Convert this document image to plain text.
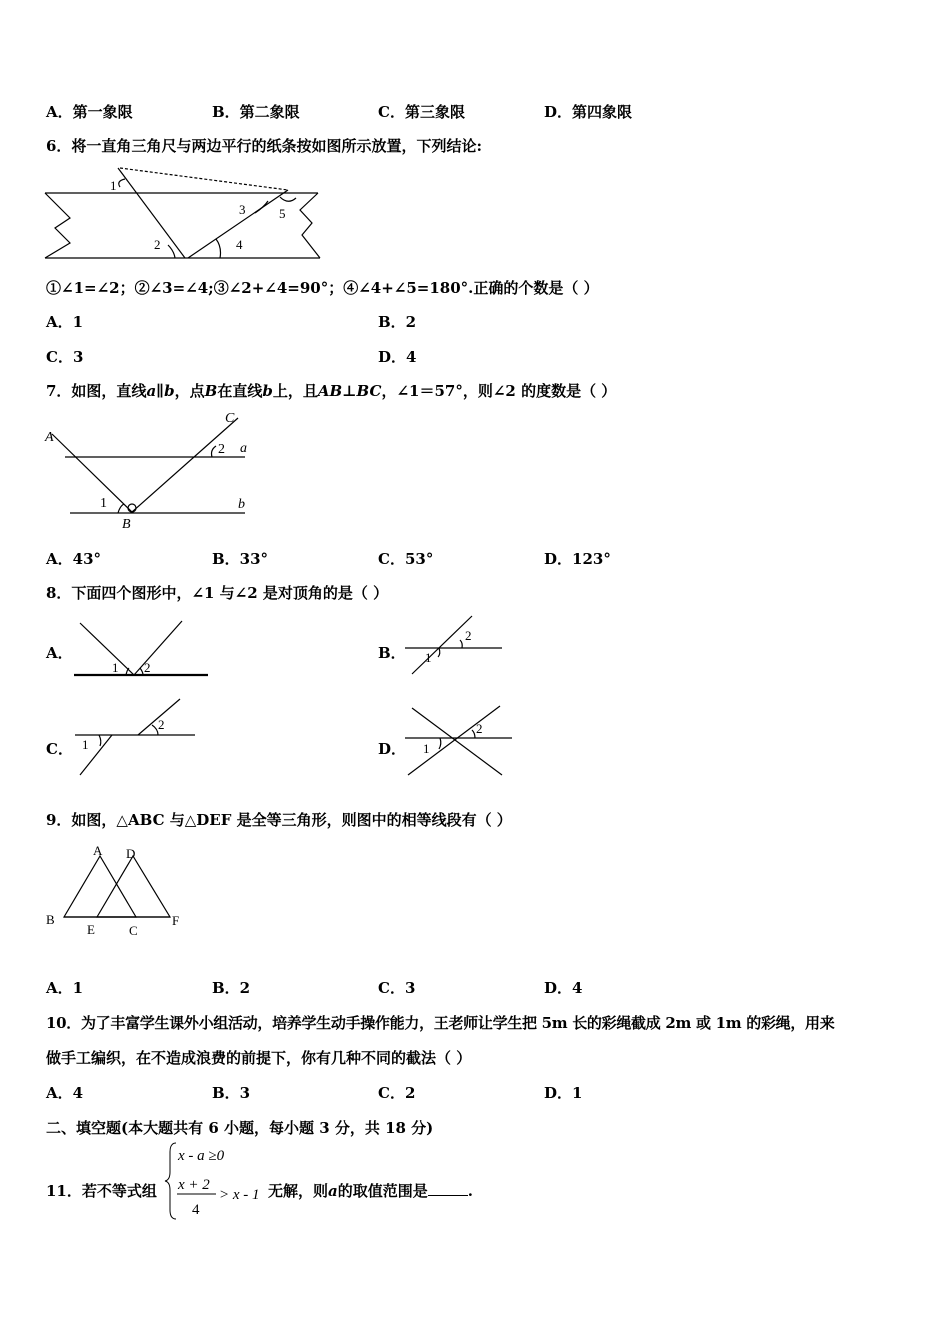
A．第一象限	B．第二象限	C．第三象限	D．第四象限
6．将一直角三角尺与两边平行的纸条按如图所示放置，下列结论:
1
2
3
4
5
①∠1=∠2；②∠3=∠4;③∠2+∠4=90°；④∠4+∠5=180°.正确的个数是（ ）
A．1	B．2
C．3	D．4
7．如图，直线a∥b，点B在直线b上，且AB⊥BC，∠1＝57°，则∠2 的度数是（ ）
A
C
a
b
B
1
2
A．43°	B．33°	C．53°	D．123°
8．下面四个图形中，∠1 与∠2 是对顶角的是（ ）
A．
1 2
B． 1
2
C． 1
2
D． 1
2
9．如图，△ABC 与△DEF 是全等三角形，则图中的相等线段有（ ）
A D
B
E	C
F
A．1	B．2	C．3	D．4
10．为了丰富学生课外小组活动，培养学生动手操作能力，王老师让学生把 5m 长的彩绳截成 2m 或 1m 的彩绳，用来
做手工编织，在不造成浪费的前提下，你有几种不同的截法（ ）
A．4	B．3	C．2	D．1
二、填空题(本大题共有 6 小题，每小题 3 分，共 18 分)
11．若不等式组
x - a ≥0
x + 2
4
> x - 1 无解，则a的取值范围是	.
